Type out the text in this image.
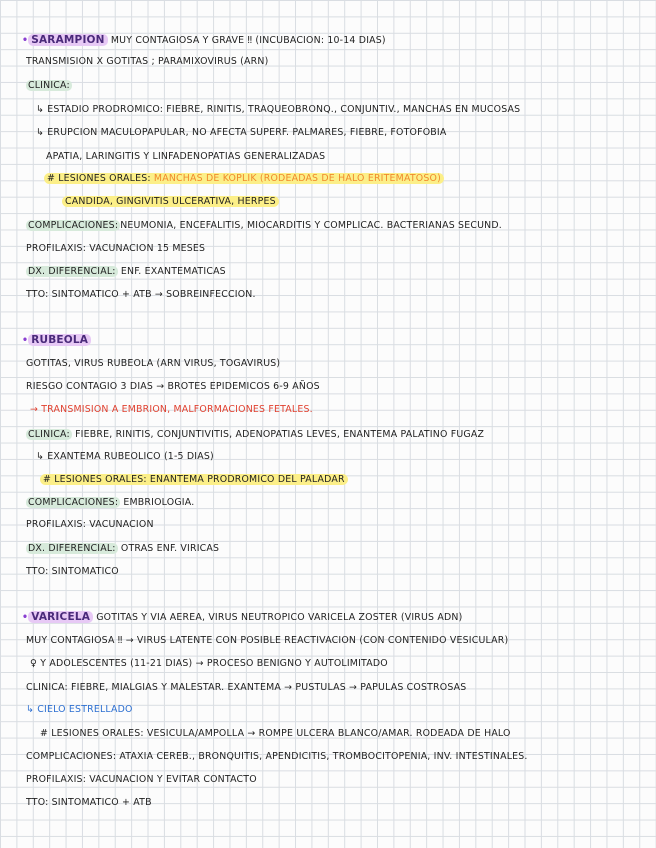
• SARAMPION MUY CONTAGIOSA Y GRAVE ‼ (INCUBACION: 10-14 DIAS)
TRANSMISION X GOTITAS ; PARAMIXOVIRUS (ARN)
CLINICA:
↳ ESTADIO PRODROMICO: FIEBRE, RINITIS, TRAQUEOBRONQ., CONJUNTIV., MANCHAS EN MUCOSAS
↳ ERUPCION MACULOPAPULAR, NO AFECTA SUPERF. PALMARES, FIEBRE, FOTOFOBIA
APATIA, LARINGITIS Y LINFADENOPATIAS GENERALIZADAS
# LESIONES ORALES: MANCHAS DE KOPLIK (RODEADAS DE HALO ERITEMATOSO)
CANDIDA, GINGIVITIS ULCERATIVA, HERPES
COMPLICACIONES: NEUMONIA, ENCEFALITIS, MIOCARDITIS Y COMPLICAC. BACTERIANAS SECUND.
PROFILAXIS: VACUNACION 15 MESES
DX. DIFERENCIAL: ENF. EXANTEMATICAS
TTO: SINTOMATICO + ATB → SOBREINFECCION.
• RUBEOLA
GOTITAS, VIRUS RUBEOLA (ARN VIRUS, TOGAVIRUS)
RIESGO CONTAGIO 3 DIAS → BROTES EPIDEMICOS 6-9 AÑOS
→ TRANSMISION A EMBRION, MALFORMACIONES FETALES.
CLINICA: FIEBRE, RINITIS, CONJUNTIVITIS, ADENOPATIAS LEVES, ENANTEMA PALATINO FUGAZ
↳ EXANTEMA RUBEOLICO (1-5 DIAS)
# LESIONES ORALES: ENANTEMA PRODROMICO DEL PALADAR
COMPLICACIONES: EMBRIOLOGIA.
PROFILAXIS: VACUNACION
DX. DIFERENCIAL: OTRAS ENF. VIRICAS
TTO: SINTOMATICO
• VARICELA GOTITAS Y VIA AEREA, VIRUS NEUTROPICO VARICELA ZOSTER (VIRUS ADN)
MUY CONTAGIOSA ‼ → VIRUS LATENTE CON POSIBLE REACTIVACION (CON CONTENIDO VESICULAR)
♀ Y ADOLESCENTES (11-21 DIAS) → PROCESO BENIGNO Y AUTOLIMITADO
CLINICA: FIEBRE, MIALGIAS Y MALESTAR. EXANTEMA → PUSTULAS → PAPULAS COSTROSAS
↳ CIELO ESTRELLADO
# LESIONES ORALES: VESICULA/AMPOLLA → ROMPE ULCERA BLANCO/AMAR. RODEADA DE HALO
COMPLICACIONES: ATAXIA CEREB., BRONQUITIS, APENDICITIS, TROMBOCITOPENIA, INV. INTESTINALES.
PROFILAXIS: VACUNACION Y EVITAR CONTACTO
TTO: SINTOMATICO + ATB
